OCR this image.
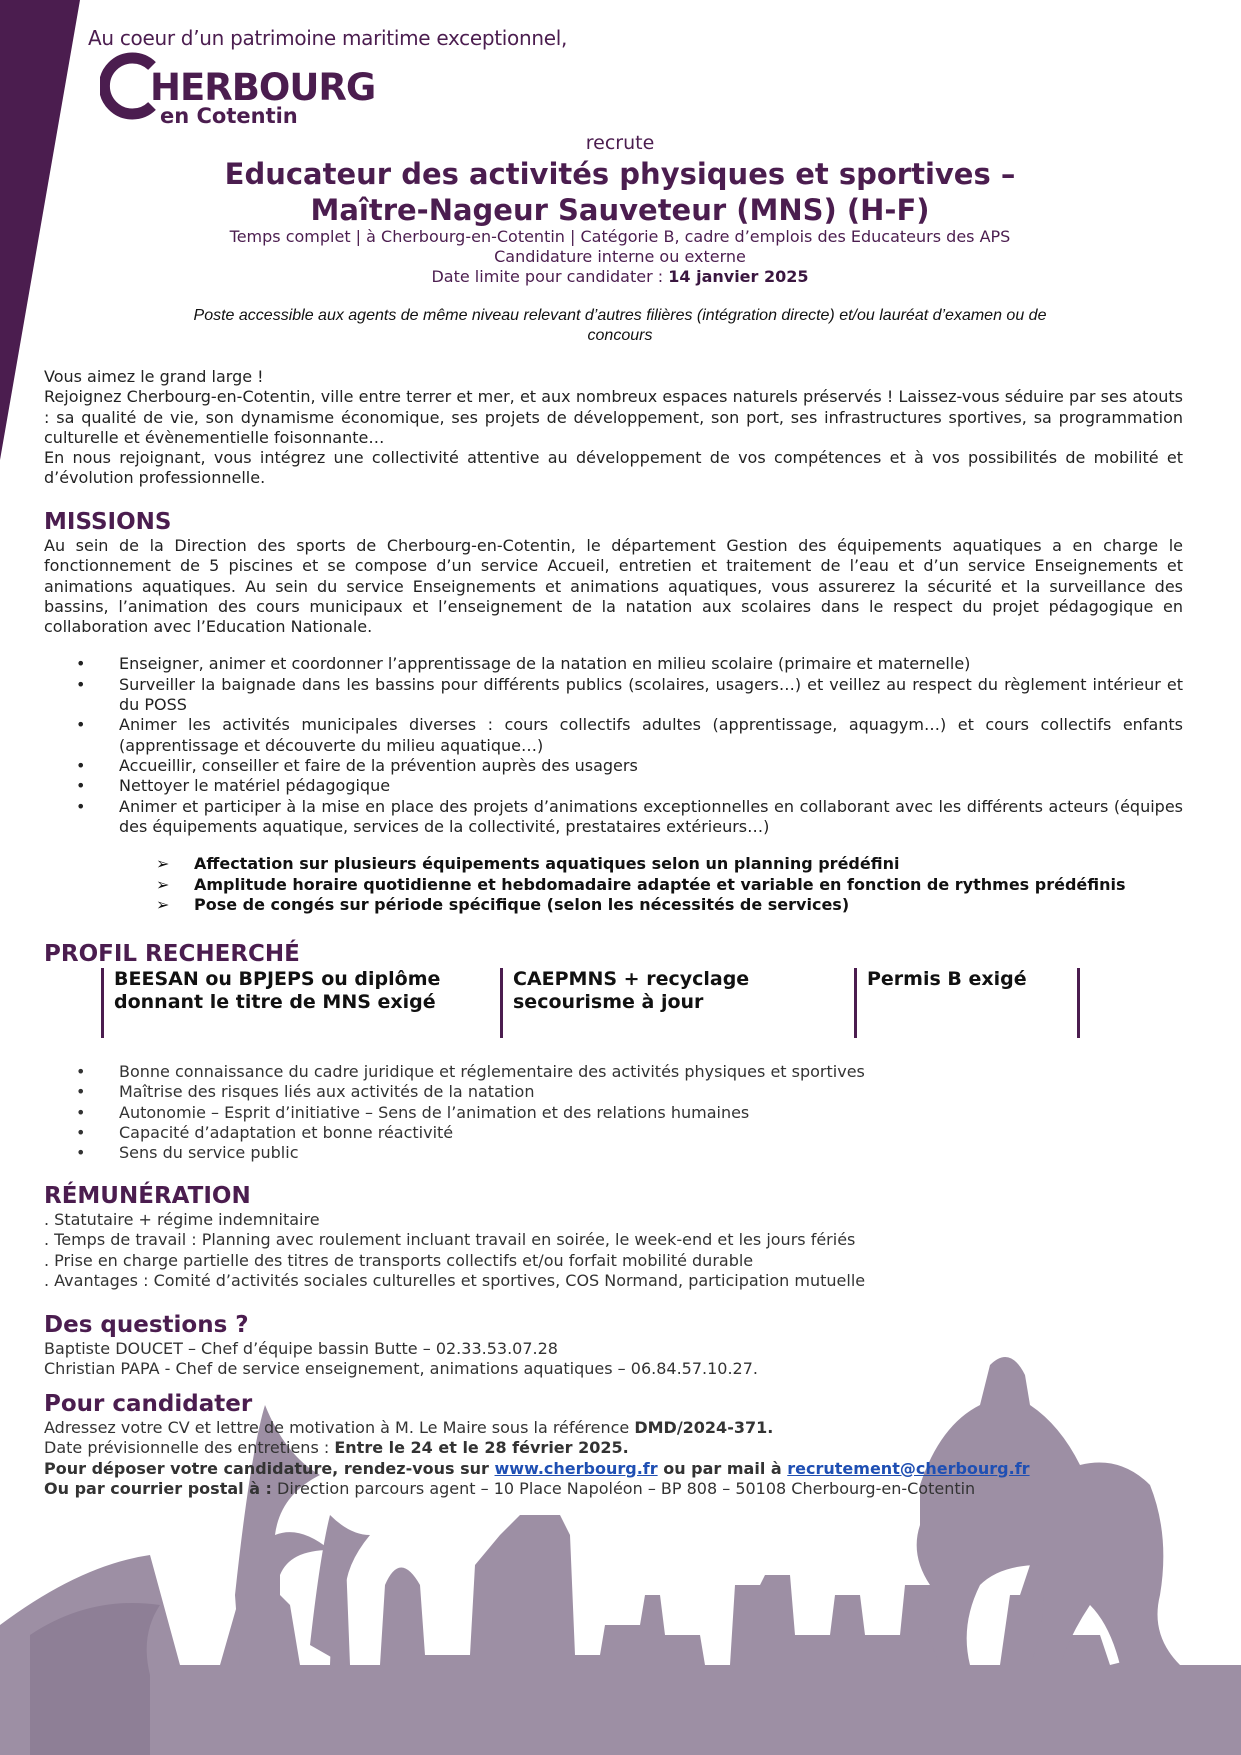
Au coeur d’un patrimoine maritime exceptionnel,
HERBOURG
en Cotentin
recrute
Educateur des activités physiques et sportives –
Maître-Nageur Sauveteur (MNS) (H-F)
Temps complet | à Cherbourg-en-Cotentin | Catégorie B, cadre d’emplois des Educateurs des APS
Candidature interne ou externe
Date limite pour candidater : 14 janvier 2025
Poste accessible aux agents de même niveau relevant d’autres filières (intégration directe) et/ou lauréat d’examen ou de concours
Vous aimez le grand large !
Rejoignez Cherbourg-en-Cotentin, ville entre terrer et mer, et aux nombreux espaces naturels préservés ! Laissez-vous séduire par ses atouts : sa qualité de vie, son dynamisme économique, ses projets de développement, son port, ses infrastructures sportives, sa programmation culturelle et évènementielle foisonnante…
En nous rejoignant, vous intégrez une collectivité attentive au développement de vos compétences et à vos possibilités de mobilité et d’évolution professionnelle.
MISSIONS
Au sein de la Direction des sports de Cherbourg-en-Cotentin, le département Gestion des équipements aquatiques a en charge le fonctionnement de 5 piscines et se compose d’un service Accueil, entretien et traitement de l’eau et d’un service Enseignements et animations aquatiques. Au sein du service Enseignements et animations aquatiques, vous assurerez la sécurité et la surveillance des bassins, l’animation des cours municipaux et l’enseignement de la natation aux scolaires dans le respect du projet pédagogique en collaboration avec l’Education Nationale.
• Enseigner, animer et coordonner l’apprentissage de la natation en milieu scolaire (primaire et maternelle)
• Surveiller la baignade dans les bassins pour différents publics (scolaires, usagers…) et veillez au respect du règlement intérieur et du POSS
• Animer les activités municipales diverses : cours collectifs adultes (apprentissage, aquagym…) et cours collectifs enfants (apprentissage et découverte du milieu aquatique…)
• Accueillir, conseiller et faire de la prévention auprès des usagers
• Nettoyer le matériel pédagogique
• Animer et participer à la mise en place des projets d’animations exceptionnelles en collaborant avec les différents acteurs (équipes des équipements aquatique, services de la collectivité, prestataires extérieurs…)
➢ Affectation sur plusieurs équipements aquatiques selon un planning prédéfini
➢ Amplitude horaire quotidienne et hebdomadaire adaptée et variable en fonction de rythmes prédéfinis
➢ Pose de congés sur période spécifique (selon les nécessités de services)
PROFIL RECHERCHÉ
BEESAN ou BPJEPS ou diplôme donnant le titre de MNS exigé
CAEPMNS + recyclage secourisme à jour
Permis B exigé
• Bonne connaissance du cadre juridique et réglementaire des activités physiques et sportives
• Maîtrise des risques liés aux activités de la natation
• Autonomie – Esprit d’initiative – Sens de l’animation et des relations humaines
• Capacité d’adaptation et bonne réactivité
• Sens du service public
RÉMUNÉRATION
. Statutaire + régime indemnitaire
. Temps de travail : Planning avec roulement incluant travail en soirée, le week-end et les jours fériés
. Prise en charge partielle des titres de transports collectifs et/ou forfait mobilité durable
. Avantages : Comité d’activités sociales culturelles et sportives, COS Normand, participation mutuelle
Des questions ?
Baptiste DOUCET – Chef d’équipe bassin Butte – 02.33.53.07.28
Christian PAPA - Chef de service enseignement, animations aquatiques – 06.84.57.10.27.
Pour candidater
Adressez votre CV et lettre de motivation à M. Le Maire sous la référence DMD/2024-371.
Date prévisionnelle des entretiens : Entre le 24 et le 28 février 2025.
Pour déposer votre candidature, rendez-vous sur www.cherbourg.fr ou par mail à recrutement@cherbourg.fr
Ou par courrier postal à : Direction parcours agent – 10 Place Napoléon – BP 808 – 50108 Cherbourg-en-Cotentin
